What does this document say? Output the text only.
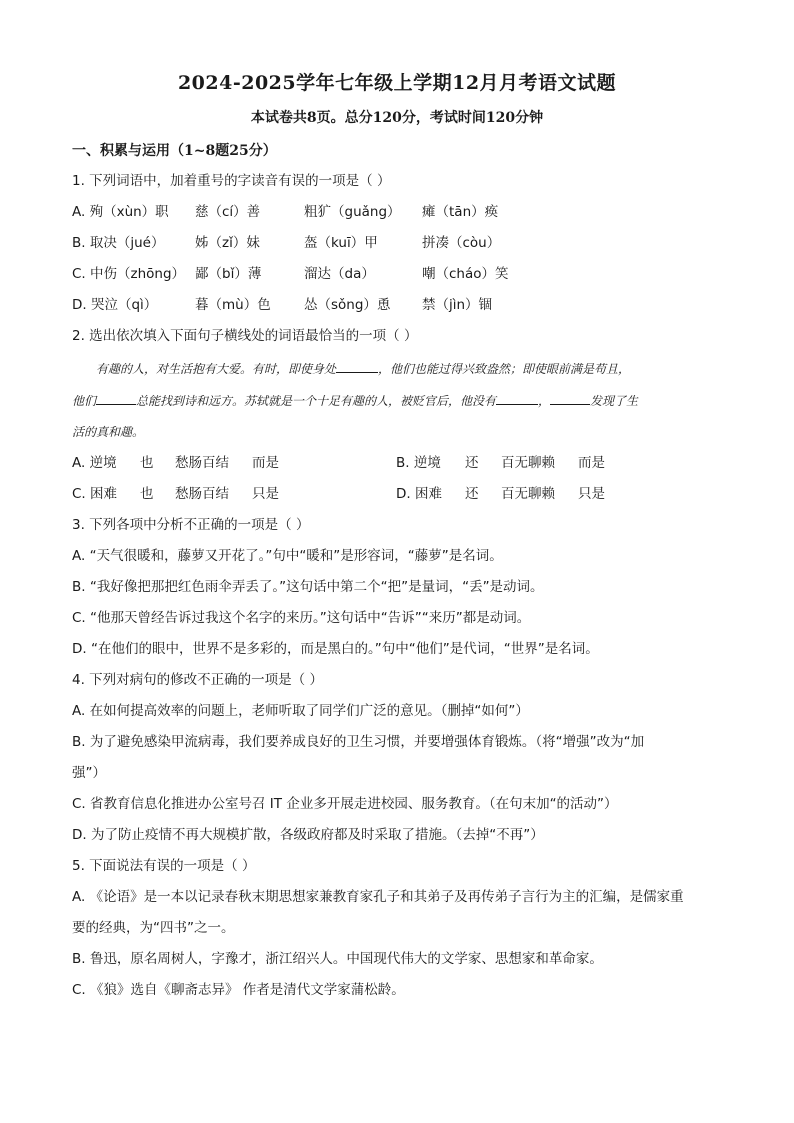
2024-2025学年七年级上学期12月月考语文试题
本试卷共8页。总分120分，考试时间120分钟
一、积累与运用（1~8题25分）
1. 下列词语中，加着重号的字读音有误的一项是（ ）
A. 殉（xùn）职 慈（cí）善	粗犷（guǎng） 瘫（tān）痪
B. 取决（jué） 姊（zǐ）妹	盔（kuī）甲	拼凑（còu）
C. 中伤（zhōng） 鄙（bǐ）薄	溜达（da）	嘲（cháo）笑
D. 哭泣（qì）	暮（mù）色 怂（sǒng）恿 禁（jìn）锢
2. 选出依次填入下面句子横线处的词语最恰当的一项（ ）
有趣的人，对生活抱有大爱。有时，即使身处	，他们也能过得兴致盎然；即使眼前满是苟且，
他们	总能找到诗和远方。苏轼就是一个十足有趣的人，被贬官后，他没有	，	发现了生
活的真和趣。
A. 逆境 也 愁肠百结 而是	B. 逆境 还 百无聊赖 而是
C. 困难 也 愁肠百结 只是	D. 困难 还 百无聊赖 只是
3. 下列各项中分析不正确的一项是（ ）
A. “天气很暖和，藤萝又开花了。”句中“暖和”是形容词，“藤萝”是名词。
B. “我好像把那把红色雨伞弄丢了。”这句话中第二个“把”是量词，“丢”是动词。
C. “他那天曾经告诉过我这个名字的来历。”这句话中“告诉”“来历”都是动词。
D. “在他们的眼中，世界不是多彩的，而是黑白的。”句中“他们”是代词，“世界”是名词。
4. 下列对病句的修改不正确的一项是（ ）
A. 在如何提高效率的问题上，老师听取了同学们广泛的意见。（删掉“如何”）
B. 为了避免感染甲流病毒，我们要养成良好的卫生习惯，并要增强体育锻炼。（将“增强”改为“加
强”）
C. 省教育信息化推进办公室号召 IT 企业多开展走进校园、服务教育。（在句末加“的活动”）
D. 为了防止疫情不再大规模扩散，各级政府都及时采取了措施。（去掉“不再”）
5. 下面说法有误的一项是（ ）
A. 《论语》是一本以记录春秋末期思想家兼教育家孔子和其弟子及再传弟子言行为主的汇编，是儒家重
要的经典，为“四书”之一。
B. 鲁迅，原名周树人，字豫才，浙江绍兴人。中国现代伟大的文学家、思想家和革命家。
C. 《狼》选自《聊斋志异》 作者是清代文学家蒲松龄。
